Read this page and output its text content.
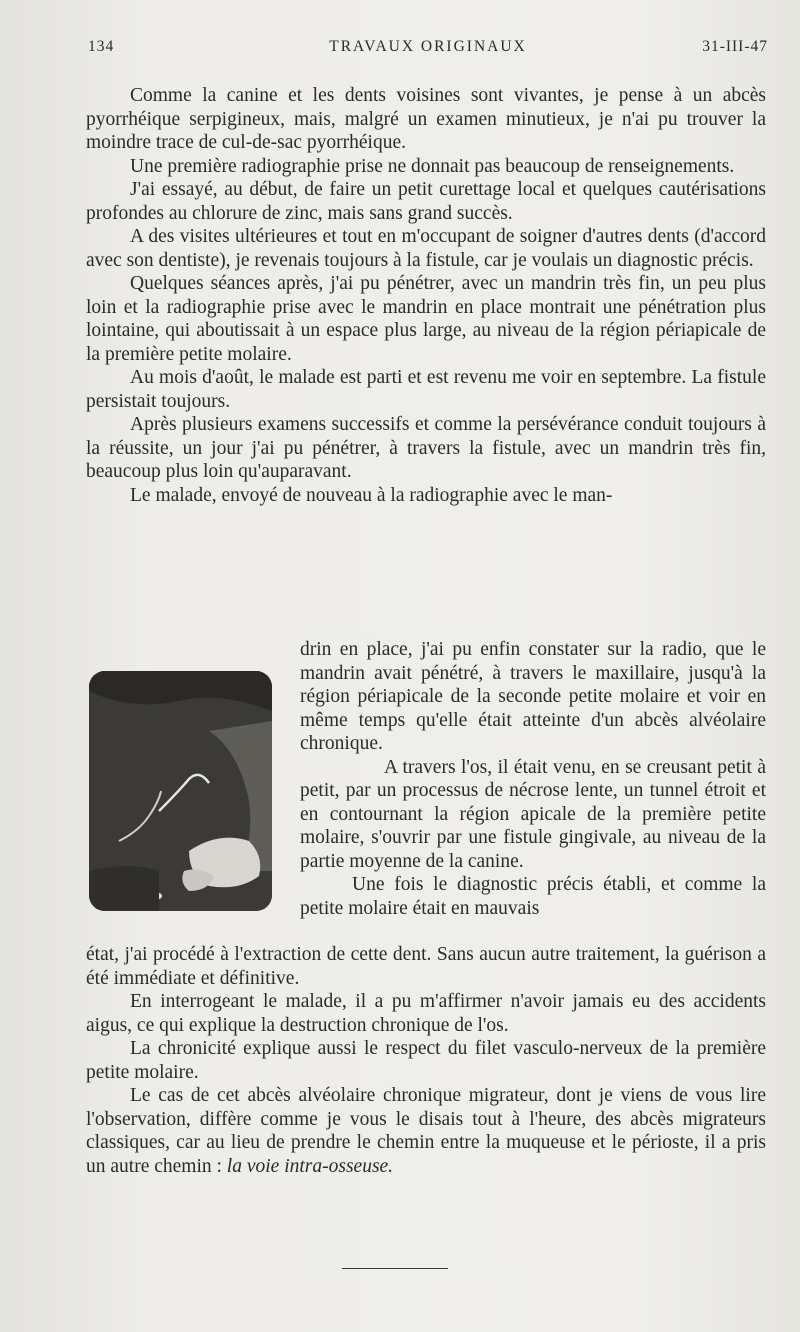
134	TRAVAUX ORIGINAUX	31-III-47

Comme la canine et les dents voisines sont vivantes, je pense à un abcès pyorrhéique serpigineux, mais, malgré un examen minutieux, je n'ai pu trouver la moindre trace de cul-de-sac pyorrhéique.

Une première radiographie prise ne donnait pas beaucoup de renseignements.

J'ai essayé, au début, de faire un petit curettage local et quelques cautérisations profondes au chlorure de zinc, mais sans grand succès.

A des visites ultérieures et tout en m'occupant de soigner d'autres dents (d'accord avec son dentiste), je revenais toujours à la fistule, car je voulais un diagnostic précis.

Quelques séances après, j'ai pu pénétrer, avec un mandrin très fin, un peu plus loin et la radiographie prise avec le mandrin en place montrait une pénétration plus lointaine, qui aboutissait à un espace plus large, au niveau de la région périapicale de la première petite molaire.

Au mois d'août, le malade est parti et est revenu me voir en septembre. La fistule persistait toujours.

Après plusieurs examens successifs et comme la persévérance conduit toujours à la réussite, un jour j'ai pu pénétrer, à travers la fistule, avec un mandrin très fin, beaucoup plus loin qu'auparavant.

Le malade, envoyé de nouveau à la radiographie avec le man-

drin en place, j'ai pu enfin constater sur la radio, que le mandrin avait pénétré, à travers le maxillaire, jusqu'à la région périapicale de la seconde petite molaire et voir en même temps qu'elle était atteinte d'un abcès alvéolaire chronique.

A travers l'os, il était venu, en se creusant petit à petit, par un processus de nécrose lente, un tunnel étroit et en contournant la région apicale de la première petite molaire, s'ouvrir par une fistule gingivale, au niveau de la partie moyenne de la canine.

Une fois le diagnostic précis établi, et comme la petite molaire était en mauvais

état, j'ai procédé à l'extraction de cette dent. Sans aucun autre traitement, la guérison a été immédiate et définitive.

En interrogeant le malade, il a pu m'affirmer n'avoir jamais eu des accidents aigus, ce qui explique la destruction chronique de l'os.

La chronicité explique aussi le respect du filet vasculo-nerveux de la première petite molaire.

Le cas de cet abcès alvéolaire chronique migrateur, dont je viens de vous lire l'observation, diffère comme je vous le disais tout à l'heure, des abcès migrateurs classiques, car au lieu de prendre le chemin entre la muqueuse et le périoste, il a pris un autre chemin : la voie intra-osseuse.
